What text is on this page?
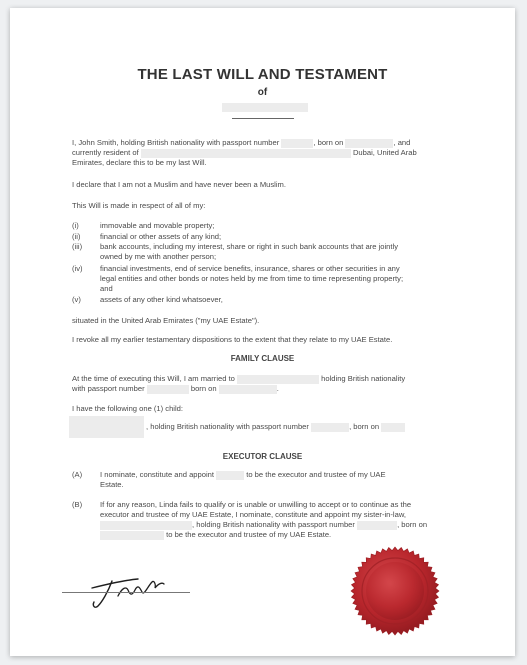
THE LAST WILL AND TESTAMENT
of
I, John Smith, holding British nationality with passport number	, born on	, and
currently resident of	Dubai, United Arab
Emirates, declare this to be my last Will.
I declare that I am not a Muslim and have never been a Muslim.
This Will is made in respect of all of my:
(i)	immovable and movable property;
(ii)	financial or other assets of any kind;
(iii) bank accounts, including my interest, share or right in such bank accounts that are jointly
owned by me with another person;
(iv) financial investments, end of service benefits, insurance, shares or other securities in any
legal entities and other bonds or notes held by me from time to time representing property;
and
(v)	assets of any other kind whatsoever,
situated in the United Arab Emirates ("my UAE Estate").
I revoke all my earlier testamentary dispositions to the extent that they relate to my UAE Estate.
FAMILY CLAUSE
At the time of executing this Will, I am married to	holding British nationality
with passport number	born on	.
I have the following one (1) child:
, holding British nationality with passport number	, born on
EXECUTOR CLAUSE
(A) I nominate, constitute and appoint	to be the executor and trustee of my UAE
Estate.
(B) If for any reason, Linda fails to qualify or is unable or unwilling to accept or to continue as the
executor and trustee of my UAE Estate, I nominate, constitute and appoint my sister-in-law,
, holding British nationality with passport number	, born on
to be the executor and trustee of my UAE Estate.
